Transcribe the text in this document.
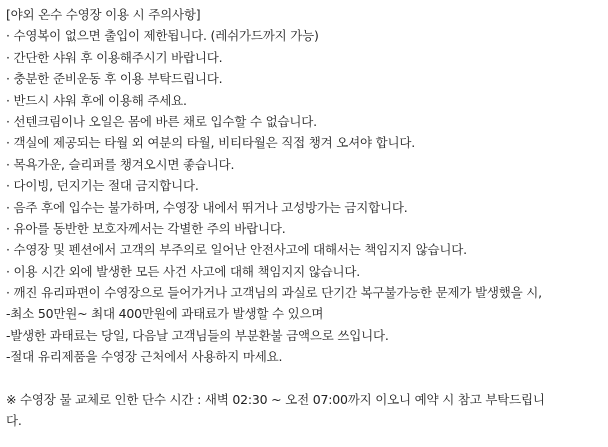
[야외 온수 수영장 이용 시 주의사항]
· 수영복이 없으면 출입이 제한됩니다. (레쉬가드까지 가능)
· 간단한 샤워 후 이용해주시기 바랍니다.
· 충분한 준비운동 후 이용 부탁드립니다.
· 반드시 샤워 후에 이용해 주세요.
· 선텐크림이나 오일은 몸에 바른 채로 입수할 수 없습니다.
· 객실에 제공되는 타월 외 여분의 타월, 비티타월은 직접 챙겨 오셔야 합니다.
· 목욕가운, 슬리퍼를 챙겨오시면 좋습니다.
· 다이빙, 던지기는 절대 금지합니다.
· 음주 후에 입수는 불가하며, 수영장 내에서 뛰거나 고성방가는 금지합니다.
· 유아를 동반한 보호자께서는 각별한 주의 바랍니다.
· 수영장 및 펜션에서 고객의 부주의로 일어난 안전사고에 대해서는 책임지지 않습니다.
· 이용 시간 외에 발생한 모든 사건 사고에 대해 책임지지 않습니다.
· 깨진 유리파편이 수영장으로 들어가거나 고객님의 과실로 단기간 복구불가능한 문제가 발생했을 시,
-최소 50만원~ 최대 400만원에 과태료가 발생할 수 있으며
-발생한 과태료는 당일, 다음날 고객님들의 부분환불 금액으로 쓰입니다.
-절대 유리제품을 수영장 근처에서 사용하지 마세요.
※ 수영장 물 교체로 인한 단수 시간 : 새벽 02:30 ~ 오전 07:00까지 이오니 예약 시 참고 부탁드립니
다.
